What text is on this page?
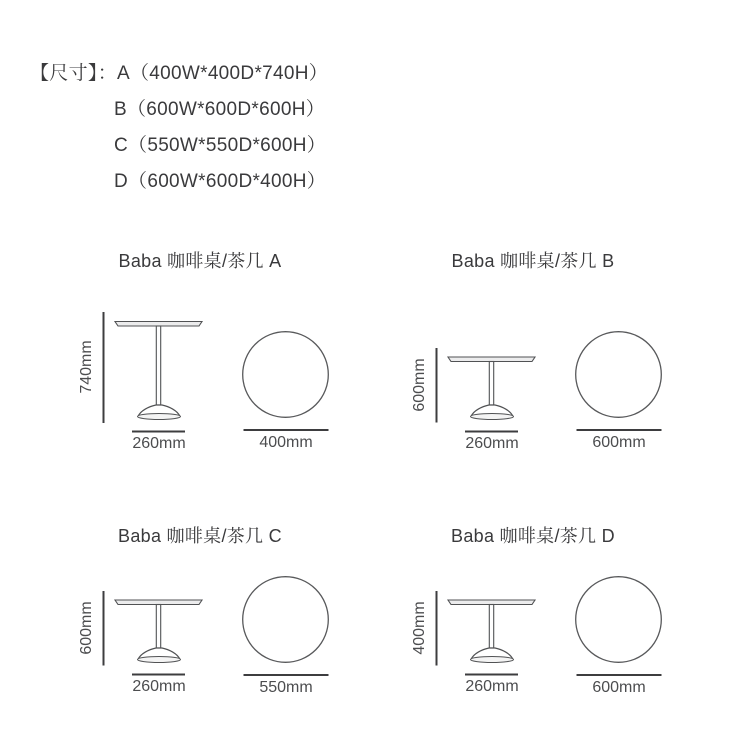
【尺寸】：A（400W*400D*740H）
B（600W*600D*600H）
C（550W*550D*600H）
D（600W*600D*400H）
Baba 咖啡桌/茶几 A
740mm
260mm	400mm
Baba 咖啡桌/茶几 B
600mm
260mm	600mm
Baba 咖啡桌/茶几 C
600mm
260mm	550mm
Baba 咖啡桌/茶几 D
400mm
260mm	600mm
